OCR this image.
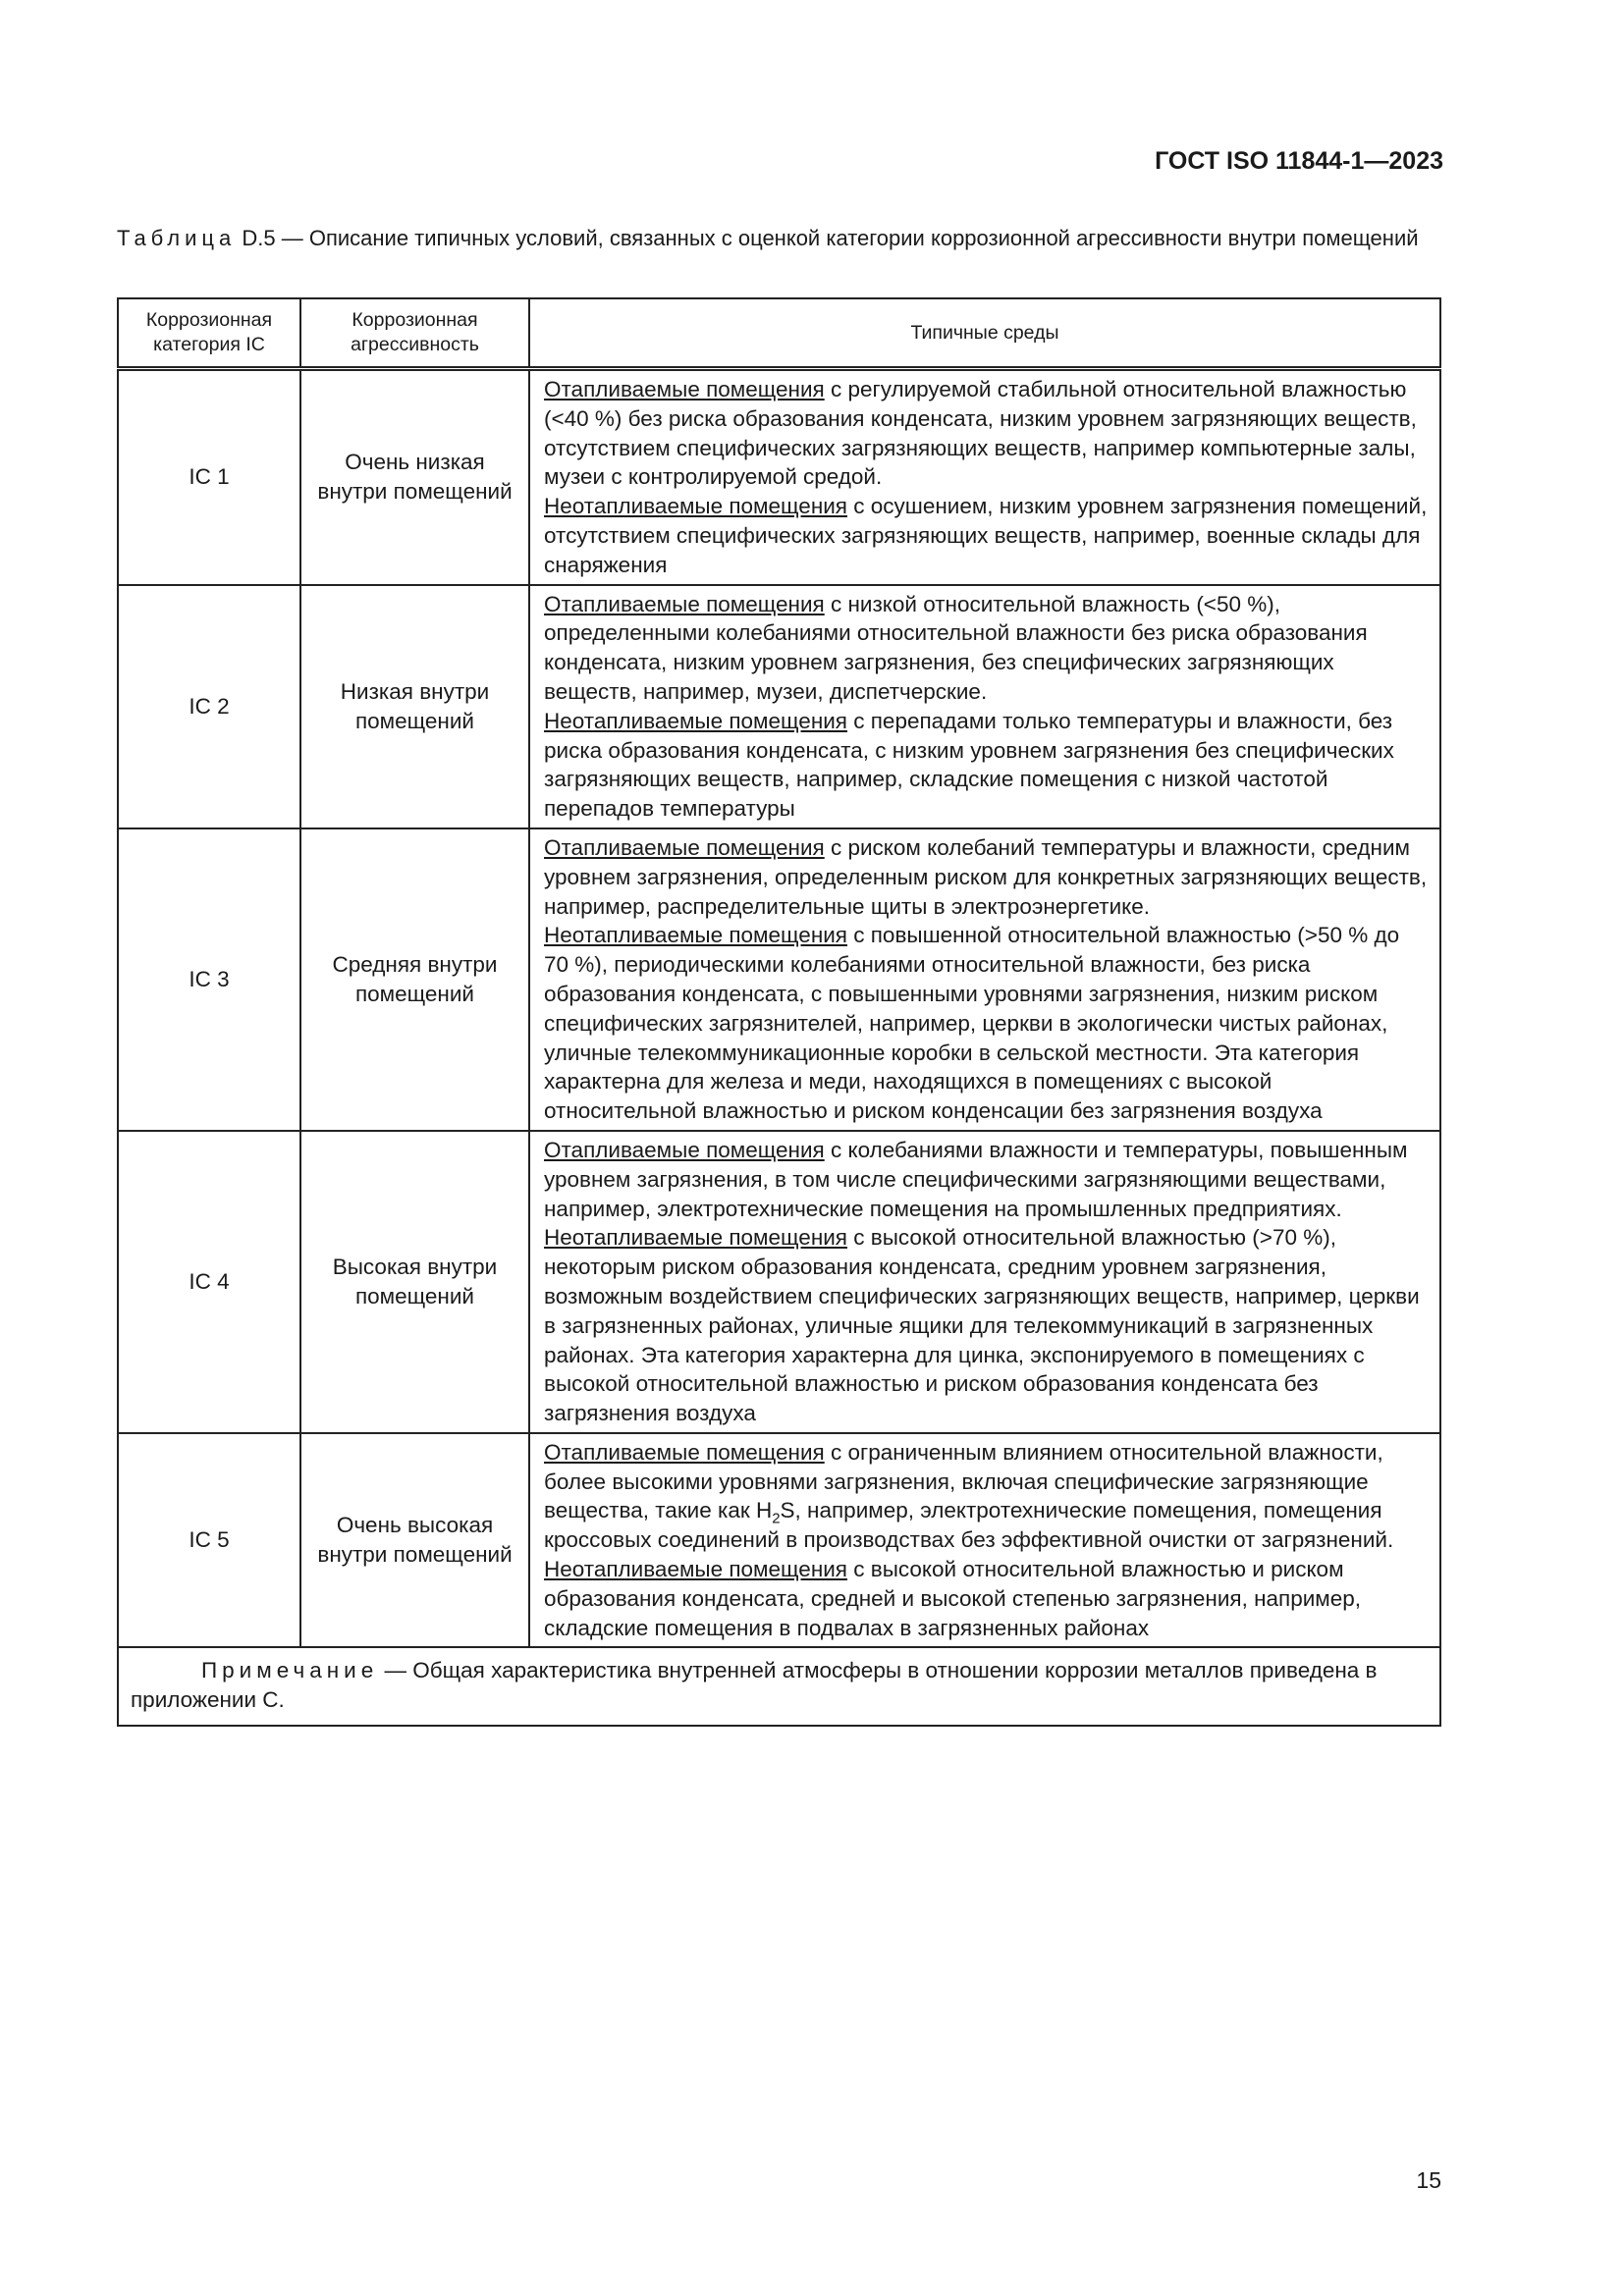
ГОСТ ISO 11844-1—2023
Таблица D.5 — Описание типичных условий, связанных с оценкой категории коррозионной агрессивности внутри помещений
Коррозионная категория IC	Коррозионная агрессивность	Типичные среды
IC 1	Очень низкая внутри помещений	Отапливаемые помещения с регулируемой стабильной относительной влажностью (<40 %) без риска образования конденсата, низким уровнем загрязняющих веществ, отсутствием специфических загрязняющих веществ, например компьютерные залы, музеи с контролируемой средой.
Неотапливаемые помещения с осушением, низким уровнем загрязнения помещений, отсутствием специфических загрязняющих веществ, например, военные склады для снаряжения
IC 2	Низкая внутри помещений	Отапливаемые помещения с низкой относительной влажность (<50 %), определенными колебаниями относительной влажности без риска образования конденсата, низким уровнем загрязнения, без специфических загрязняющих веществ, например, музеи, диспетчерские.
Неотапливаемые помещения с перепадами только температуры и влажности, без риска образования конденсата, с низким уровнем загрязнения без специфических загрязняющих веществ, например, складские помещения с низкой частотой перепадов температуры
IC 3	Средняя внутри помещений	Отапливаемые помещения с риском колебаний температуры и влажности, средним уровнем загрязнения, определенным риском для конкретных загрязняющих веществ, например, распределительные щиты в электроэнергетике.
Неотапливаемые помещения с повышенной относительной влажностью (>50 % до 70 %), периодическими колебаниями относительной влажности, без риска образования конденсата, с повышенными уровнями загрязнения, низким риском специфических загрязнителей, например, церкви в экологически чистых районах, уличные телекоммуникационные коробки в сельской местности. Эта категория характерна для железа и меди, находящихся в помещениях с высокой относительной влажностью и риском конденсации без загрязнения воздуха
IC 4	Высокая внутри помещений	Отапливаемые помещения с колебаниями влажности и температуры, повышенным уровнем загрязнения, в том числе специфическими загрязняющими веществами, например, электротехнические помещения на промышленных предприятиях.
Неотапливаемые помещения с высокой относительной влажностью (>70 %), некоторым риском образования конденсата, средним уровнем загрязнения, возможным воздействием специфических загрязняющих веществ, например, церкви в загрязненных районах, уличные ящики для телекоммуникаций в загрязненных районах. Эта категория характерна для цинка, экспонируемого в помещениях с высокой относительной влажностью и риском образования конденсата без загрязнения воздуха
IC 5	Очень высокая внутри помещений	Отапливаемые помещения с ограниченным влиянием относительной влажности, более высокими уровнями загрязнения, включая специфические загрязняющие вещества, такие как $H_2S$, например, электротехнические помещения, помещения кроссовых соединений в производствах без эффективной очистки от загрязнений.
Неотапливаемые помещения с высокой относительной влажностью и риском образования конденсата, средней и высокой степенью загрязнения, например, складские помещения в подвалах в загрязненных районах
Примечание — Общая характеристика внутренней атмосферы в отношении коррозии металлов приведена в приложении С.		
15
